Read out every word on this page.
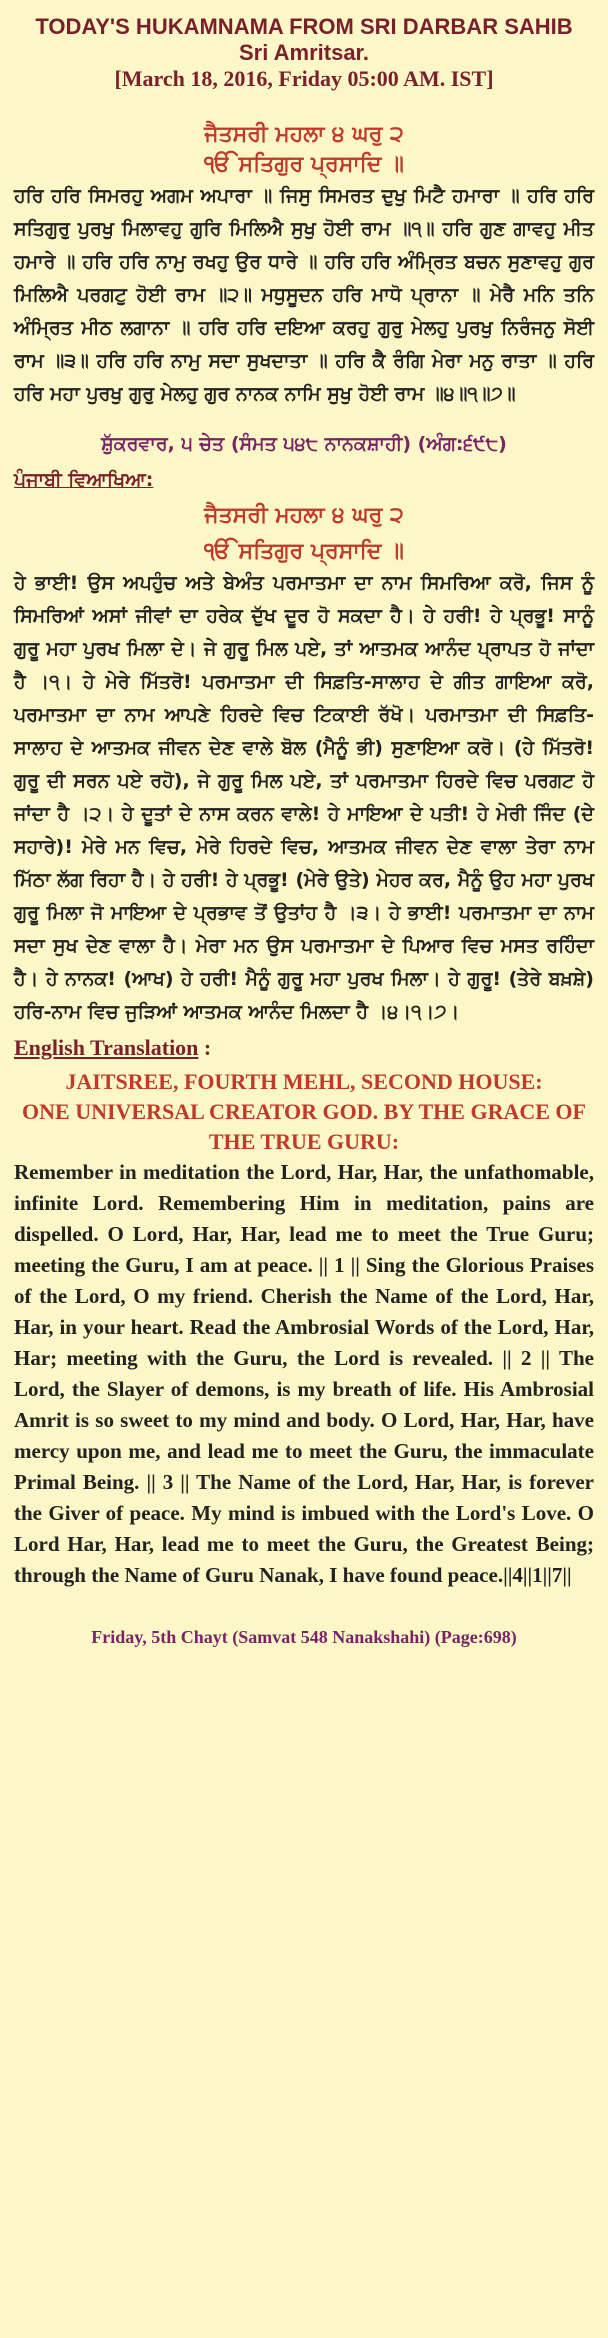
TODAY'S HUKAMNAMA FROM SRI DARBAR SAHIB
Sri Amritsar.
[March 18, 2016, Friday 05:00 AM. IST]
ਜੈਤਸਰੀ ਮਹਲਾ ੪ ਘਰੁ ੨
ੴ ਸਤਿਗੁਰ ਪ੍ਰਸਾਦਿ ॥
ਹਰਿ ਹਰਿ ਸਿਮਰਹੁ ਅਗਮ ਅਪਾਰਾ ॥ ਜਿਸੁ ਸਿਮਰਤ ਦੁਖੁ ਮਿਟੈ ਹਮਾਰਾ ॥ ਹਰਿ ਹਰਿ ਸਤਿਗੁਰੁ ਪੁਰਖੁ ਮਿਲਾਵਹੁ ਗੁਰਿ ਮਿਲਿਐ ਸੁਖੁ ਹੋਈ ਰਾਮ ॥੧॥ ਹਰਿ ਗੁਣ ਗਾਵਹੁ ਮੀਤ ਹਮਾਰੇ ॥ ਹਰਿ ਹਰਿ ਨਾਮੁ ਰਖਹੁ ਉਰ ਧਾਰੇ ॥ ਹਰਿ ਹਰਿ ਅੰਮ੍ਰਿਤ ਬਚਨ ਸੁਣਾਵਹੁ ਗੁਰ ਮਿਲਿਐ ਪਰਗਟੁ ਹੋਈ ਰਾਮ ॥੨॥ ਮਧੁਸੂਦਨ ਹਰਿ ਮਾਧੋ ਪ੍ਰਾਨਾ ॥ ਮੇਰੈ ਮਨਿ ਤਨਿ ਅੰਮ੍ਰਿਤ ਮੀਠ ਲਗਾਨਾ ॥ ਹਰਿ ਹਰਿ ਦਇਆ ਕਰਹੁ ਗੁਰੁ ਮੇਲਹੁ ਪੁਰਖੁ ਨਿਰੰਜਨੁ ਸੋਈ ਰਾਮ ॥੩॥ ਹਰਿ ਹਰਿ ਨਾਮੁ ਸਦਾ ਸੁਖਦਾਤਾ ॥ ਹਰਿ ਕੈ ਰੰਗਿ ਮੇਰਾ ਮਨੁ ਰਾਤਾ ॥ ਹਰਿ ਹਰਿ ਮਹਾ ਪੁਰਖੁ ਗੁਰੁ ਮੇਲਹੁ ਗੁਰ ਨਾਨਕ ਨਾਮਿ ਸੁਖੁ ਹੋਈ ਰਾਮ ॥੪॥੧॥੭॥
ਸ਼ੁੱਕਰਵਾਰ, ੫ ਚੇਤ (ਸੰਮਤ ੫੪੮ ਨਾਨਕਸ਼ਾਹੀ) (ਅੰਗ:੬੯੮)
ਪੰਜਾਬੀ ਵਿਆਖਿਆ:
ਜੈਤਸਰੀ ਮਹਲਾ ੪ ਘਰੁ ੨
ੴ ਸਤਿਗੁਰ ਪ੍ਰਸਾਦਿ ॥
ਹੇ ਭਾਈ! ਉਸ ਅਪਹੁੰਚ ਅਤੇ ਬੇਅੰਤ ਪਰਮਾਤਮਾ ਦਾ ਨਾਮ ਸਿਮਰਿਆ ਕਰੋ, ਜਿਸ ਨੂੰ ਸਿਮਰਿਆਂ ਅਸਾਂ ਜੀਵਾਂ ਦਾ ਹਰੇਕ ਦੁੱਖ ਦੂਰ ਹੋ ਸਕਦਾ ਹੈ। ਹੇ ਹਰੀ! ਹੇ ਪ੍ਰਭੂ! ਸਾਨੂੰ ਗੁਰੂ ਮਹਾ ਪੁਰਖ ਮਿਲਾ ਦੇ। ਜੇ ਗੁਰੂ ਮਿਲ ਪਏ, ਤਾਂ ਆਤਮਕ ਆਨੰਦ ਪ੍ਰਾਪਤ ਹੋ ਜਾਂਦਾ ਹੈ ।੧। ਹੇ ਮੇਰੇ ਮਿੱਤਰੋ! ਪਰਮਾਤਮਾ ਦੀ ਸਿਫ਼ਤਿ-ਸਾਲਾਹ ਦੇ ਗੀਤ ਗਾਇਆ ਕਰੋ, ਪਰਮਾਤਮਾ ਦਾ ਨਾਮ ਆਪਣੇ ਹਿਰਦੇ ਵਿਚ ਟਿਕਾਈ ਰੱਖੋ। ਪਰਮਾਤਮਾ ਦੀ ਸਿਫ਼ਤਿ-ਸਾਲਾਹ ਦੇ ਆਤਮਕ ਜੀਵਨ ਦੇਣ ਵਾਲੇ ਬੋਲ (ਮੈਨੂੰ ਭੀ) ਸੁਣਾਇਆ ਕਰੋ। (ਹੇ ਮਿੱਤਰੋ! ਗੁਰੂ ਦੀ ਸਰਨ ਪਏ ਰਹੋ), ਜੇ ਗੁਰੂ ਮਿਲ ਪਏ, ਤਾਂ ਪਰਮਾਤਮਾ ਹਿਰਦੇ ਵਿਚ ਪਰਗਟ ਹੋ ਜਾਂਦਾ ਹੈ ।੨। ਹੇ ਦੂਤਾਂ ਦੇ ਨਾਸ ਕਰਨ ਵਾਲੇ! ਹੇ ਮਾਇਆ ਦੇ ਪਤੀ! ਹੇ ਮੇਰੀ ਜਿੰਦ (ਦੇ ਸਹਾਰੇ)! ਮੇਰੇ ਮਨ ਵਿਚ, ਮੇਰੇ ਹਿਰਦੇ ਵਿਚ, ਆਤਮਕ ਜੀਵਨ ਦੇਣ ਵਾਲਾ ਤੇਰਾ ਨਾਮ ਮਿੱਠਾ ਲੱਗ ਰਿਹਾ ਹੈ। ਹੇ ਹਰੀ! ਹੇ ਪ੍ਰਭੂ! (ਮੇਰੇ ਉਤੇ) ਮੇਹਰ ਕਰ, ਮੈਨੂੰ ਉਹ ਮਹਾ ਪੁਰਖ ਗੁਰੂ ਮਿਲਾ ਜੋ ਮਾਇਆ ਦੇ ਪ੍ਰਭਾਵ ਤੋਂ ਉਤਾਂਹ ਹੈ ।੩। ਹੇ ਭਾਈ! ਪਰਮਾਤਮਾ ਦਾ ਨਾਮ ਸਦਾ ਸੁਖ ਦੇਣ ਵਾਲਾ ਹੈ। ਮੇਰਾ ਮਨ ਉਸ ਪਰਮਾਤਮਾ ਦੇ ਪਿਆਰ ਵਿਚ ਮਸਤ ਰਹਿੰਦਾ ਹੈ। ਹੇ ਨਾਨਕ! (ਆਖ) ਹੇ ਹਰੀ! ਮੈਨੂੰ ਗੁਰੂ ਮਹਾ ਪੁਰਖ ਮਿਲਾ। ਹੇ ਗੁਰੂ! (ਤੇਰੇ ਬਖ਼ਸ਼ੇ) ਹਰਿ-ਨਾਮ ਵਿਚ ਜੁੜਿਆਂ ਆਤਮਕ ਆਨੰਦ ਮਿਲਦਾ ਹੈ ।੪।੧।੭।
English Translation :
JAITSREE, FOURTH MEHL, SECOND HOUSE:
ONE UNIVERSAL CREATOR GOD. BY THE GRACE OF THE TRUE GURU:
Remember in meditation the Lord, Har, Har, the unfathomable, infinite Lord. Remembering Him in meditation, pains are dispelled. O Lord, Har, Har, lead me to meet the True Guru; meeting the Guru, I am at peace. || 1 || Sing the Glorious Praises of the Lord, O my friend. Cherish the Name of the Lord, Har, Har, in your heart. Read the Ambrosial Words of the Lord, Har, Har; meeting with the Guru, the Lord is revealed. || 2 || The Lord, the Slayer of demons, is my breath of life. His Ambrosial Amrit is so sweet to my mind and body. O Lord, Har, Har, have mercy upon me, and lead me to meet the Guru, the immaculate Primal Being. || 3 || The Name of the Lord, Har, Har, is forever the Giver of peace. My mind is imbued with the Lord's Love. O Lord Har, Har, lead me to meet the Guru, the Greatest Being; through the Name of Guru Nanak, I have found peace.||4||1||7||
Friday, 5th Chayt (Samvat 548 Nanakshahi) (Page:698)
